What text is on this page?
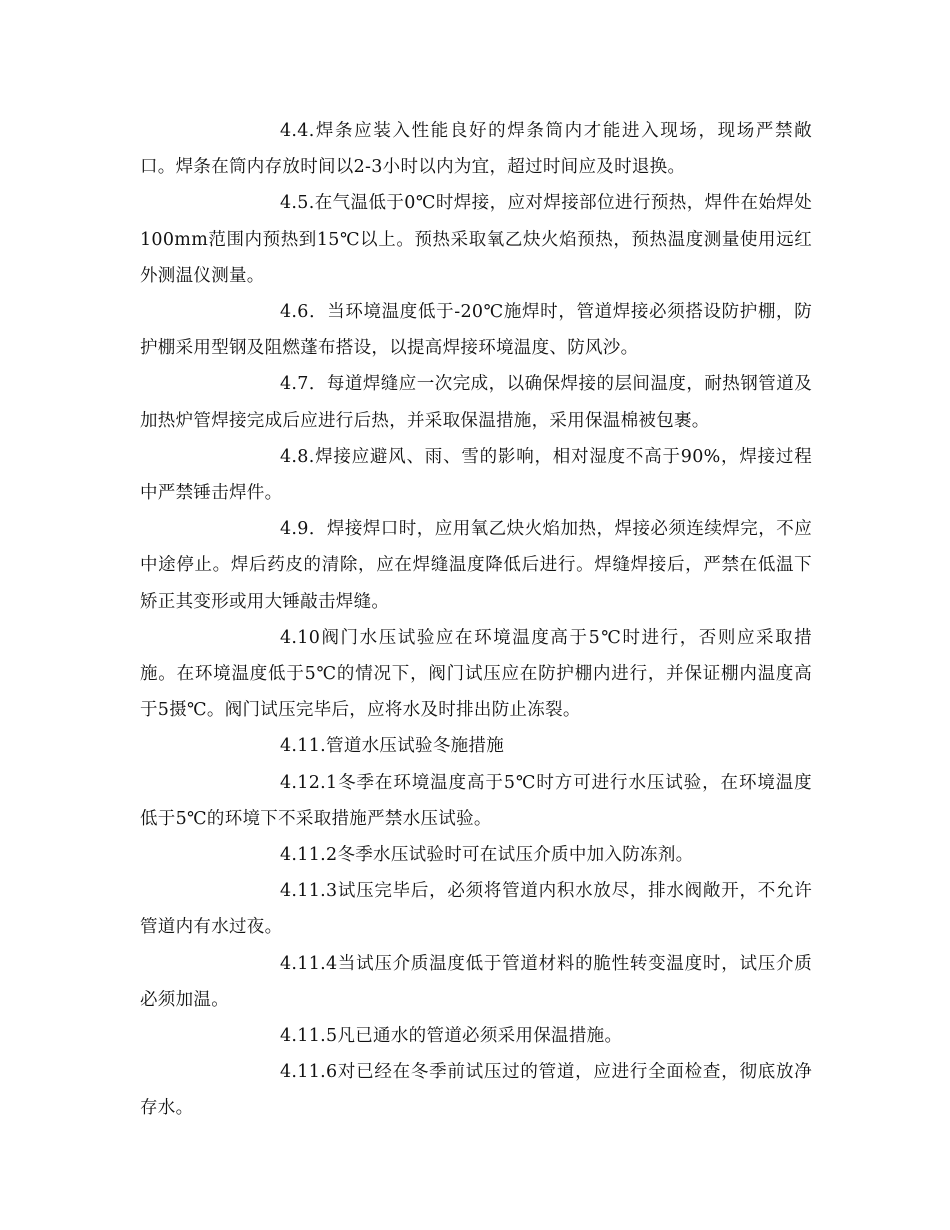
4.4.焊条应装入性能良好的焊条筒内才能进入现场，现场严禁敞口。焊条在筒内存放时间以2-3小时以内为宜，超过时间应及时退换。

4.5.在气温低于0℃时焊接，应对焊接部位进行预热，焊件在始焊处100mm范围内预热到15℃以上。预热采取氧乙炔火焰预热，预热温度测量使用远红外测温仪测量。

4.6．当环境温度低于-20℃施焊时，管道焊接必须搭设防护棚，防护棚采用型钢及阻燃蓬布搭设，以提高焊接环境温度、防风沙。

4.7．每道焊缝应一次完成，以确保焊接的层间温度，耐热钢管道及加热炉管焊接完成后应进行后热，并采取保温措施，采用保温棉被包裹。

4.8.焊接应避风、雨、雪的影响，相对湿度不高于90%，焊接过程中严禁锤击焊件。

4.9．焊接焊口时，应用氧乙炔火焰加热，焊接必须连续焊完，不应中途停止。焊后药皮的清除，应在焊缝温度降低后进行。焊缝焊接后，严禁在低温下矫正其变形或用大锤敲击焊缝。

4.10阀门水压试验应在环境温度高于5℃时进行，否则应采取措施。在环境温度低于5℃的情况下，阀门试压应在防护棚内进行，并保证棚内温度高于5摄℃。阀门试压完毕后，应将水及时排出防止冻裂。

4.11.管道水压试验冬施措施

4.12.1冬季在环境温度高于5℃时方可进行水压试验，在环境温度低于5℃的环境下不采取措施严禁水压试验。

4.11.2冬季水压试验时可在试压介质中加入防冻剂。

4.11.3试压完毕后，必须将管道内积水放尽，排水阀敞开，不允许管道内有水过夜。

4.11.4当试压介质温度低于管道材料的脆性转变温度时，试压介质必须加温。

4.11.5凡已通水的管道必须采用保温措施。

4.11.6对已经在冬季前试压过的管道，应进行全面检查，彻底放净存水。
